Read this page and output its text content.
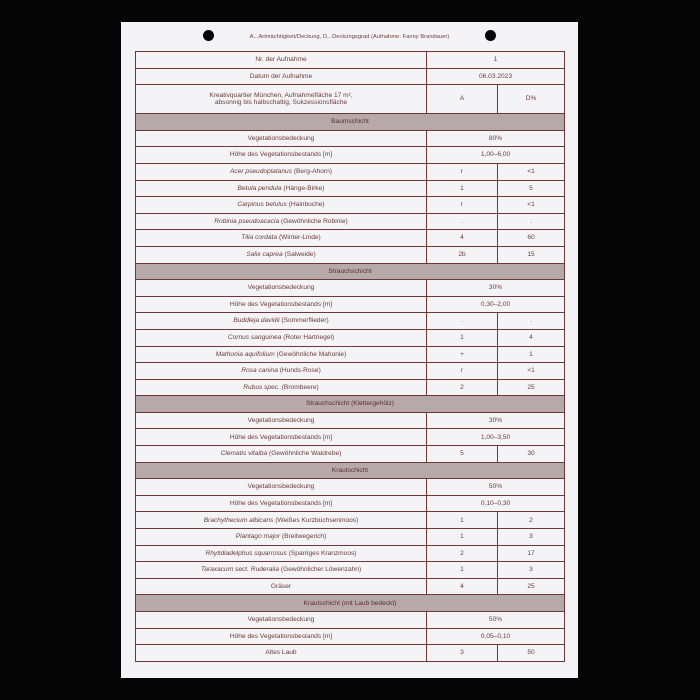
A...Artmächtigkeit/Deckung, D...Deckungsgrad (Aufnahme: Fanny Brandauer)
Nr. der Aufnahme	1	
Datum der Aufnahme	06.03.2023	
Kreativquartier München, Aufnahmefläche 17 m²,
absonnig bis halbschattig, Sukzessionsfläche	A	D%
Baumschicht		
Vegetationsbedeckung	80%	
Höhe des Vegetationsbestands [m]	1,00–6,00	
Acer pseudoplatanus (Berg-Ahorn)	r	<1
Betula pendula (Hänge-Birke)	1	5
Carpinus betulus (Hainbuche)	r	<1
Robinia pseudoacacia (Gewöhnliche Robinie)	.	.
Tilia cordata (Winter-Linde)	4	60
Salix caprea (Salweide)	2b	15
Strauchschicht		
Vegetationsbedeckung	30%	
Höhe des Vegetationsbestands [m]	0,30–2,00	
Buddleja davidii (Sommerflieder)	.	.
Cornus sanguinea (Roter Hartriegel)	1	4
Mathonia aquifolium (Gewöhnliche Mahonie)	+	1
Rosa canina (Hunds-Rose)	r	<1
Rubus spec. (Brombeere)	2	25
Strauchschicht (Klettergehölz)		
Vegetationsbedeckung	30%	
Höhe des Vegetationsbestands [m]	1,00–3,50	
Clematis vitalba (Gewöhnliche Waldrebe)	5	30
Krautschicht		
Vegetationsbedeckung	50%	
Höhe des Vegetationsbestands [m]	0,10–0,30	
Brachythecium albicans (Weißes Kurzbüchsenmoos)	1	2
Plantago major (Breitwegerich)	1	3
Rhytidiadelphus squarrosus (Sparriges Kranzmoos)	2	17
Taraxacum sect. Ruderalia (Gewöhnlicher Löwenzahn)	1	3
Gräser	4	25
Krautschicht (mit Laub bedeckt)		
Vegetationsbedeckung	50%	
Höhe des Vegetationsbestands [m]	0,05–0,10	
Altes Laub	3	50
